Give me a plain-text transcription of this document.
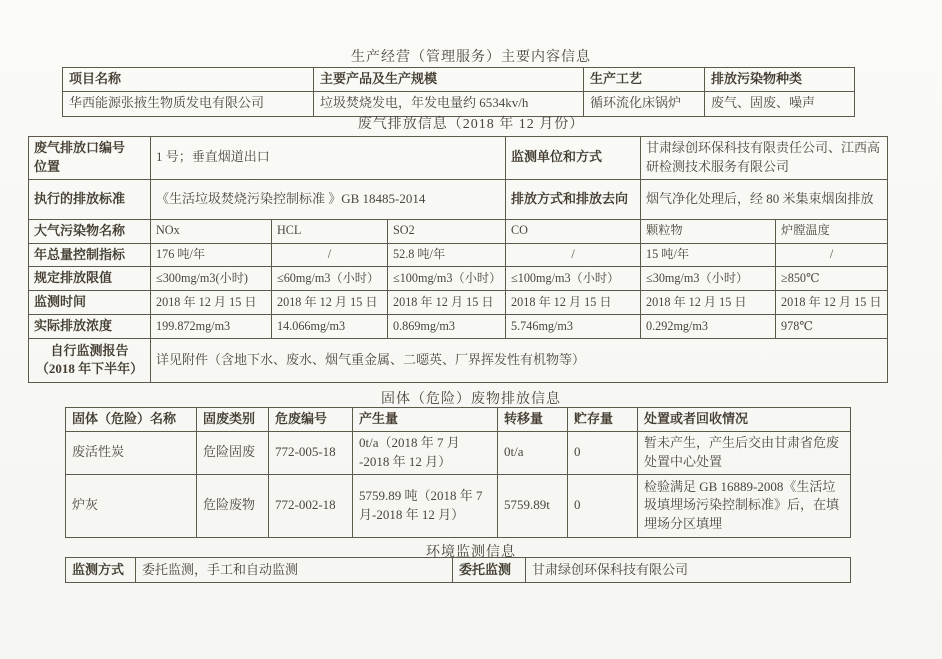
生产经营（管理服务）主要内容信息
项目名称	主要产品及生产规模	生产工艺	排放污染物种类
华西能源张掖生物质发电有限公司	垃圾焚烧发电，年发电量约 6534kv/h	循环流化床锅炉	废气、固废、噪声
废气排放信息（2018 年 12 月份）
废气排放口编号
位置	1 号；垂直烟道出口			监测单位和方式	甘肃绿创环保科技有限责任公司、江西高研检测技术服务有限公司	
执行的排放标准	《生活垃圾焚烧污染控制标准 》GB 18485-2014			排放方式和排放去向	烟气净化处理后，经 80 米集束烟囱排放	
大气污染物名称	NOx	HCL	SO2	CO	颗粒物	炉膛温度
年总量控制指标	176 吨/年	/	52.8 吨/年	/	15 吨/年	/
规定排放限值	≤300mg/m3(小时)	≤60mg/m3（小时）	≤100mg/m3（小时）	≤100mg/m3（小时）	≤30mg/m3（小时）	≥850℃
监测时间	2018 年 12 月 15 日	2018 年 12 月 15 日	2018 年 12 月 15 日	2018 年 12 月 15 日	2018 年 12 月 15 日	2018 年 12 月 15 日
实际排放浓度	199.872mg/m3	14.066mg/m3	0.869mg/m3	5.746mg/m3	0.292mg/m3	978℃

自行监测报告
（2018 年下半年）	详见附件（含地下水、废水、烟气重金属、二噁英、厂界挥发性有机物等）					
固体（危险）废物排放信息
固体（危险）名称	固废类别	危废编号	产生量	转移量	贮存量	处置或者回收情况
废活性炭	危险固废	772-005-18	0t/a（2018 年 7 月 -2018 年 12 月）	0t/a	0	暂未产生，产生后交由甘肃省危废处置中心处置
炉灰	危险废物	772-002-18	5759.89 吨（2018 年 7 月-2018 年 12 月）	5759.89t	0	检验满足 GB 16889-2008《生活垃圾填埋场污染控制标准》后，在填埋场分区填埋
环境监测信息
监测方式	委托监测，手工和自动监测	委托监测	甘肃绿创环保科技有限公司
